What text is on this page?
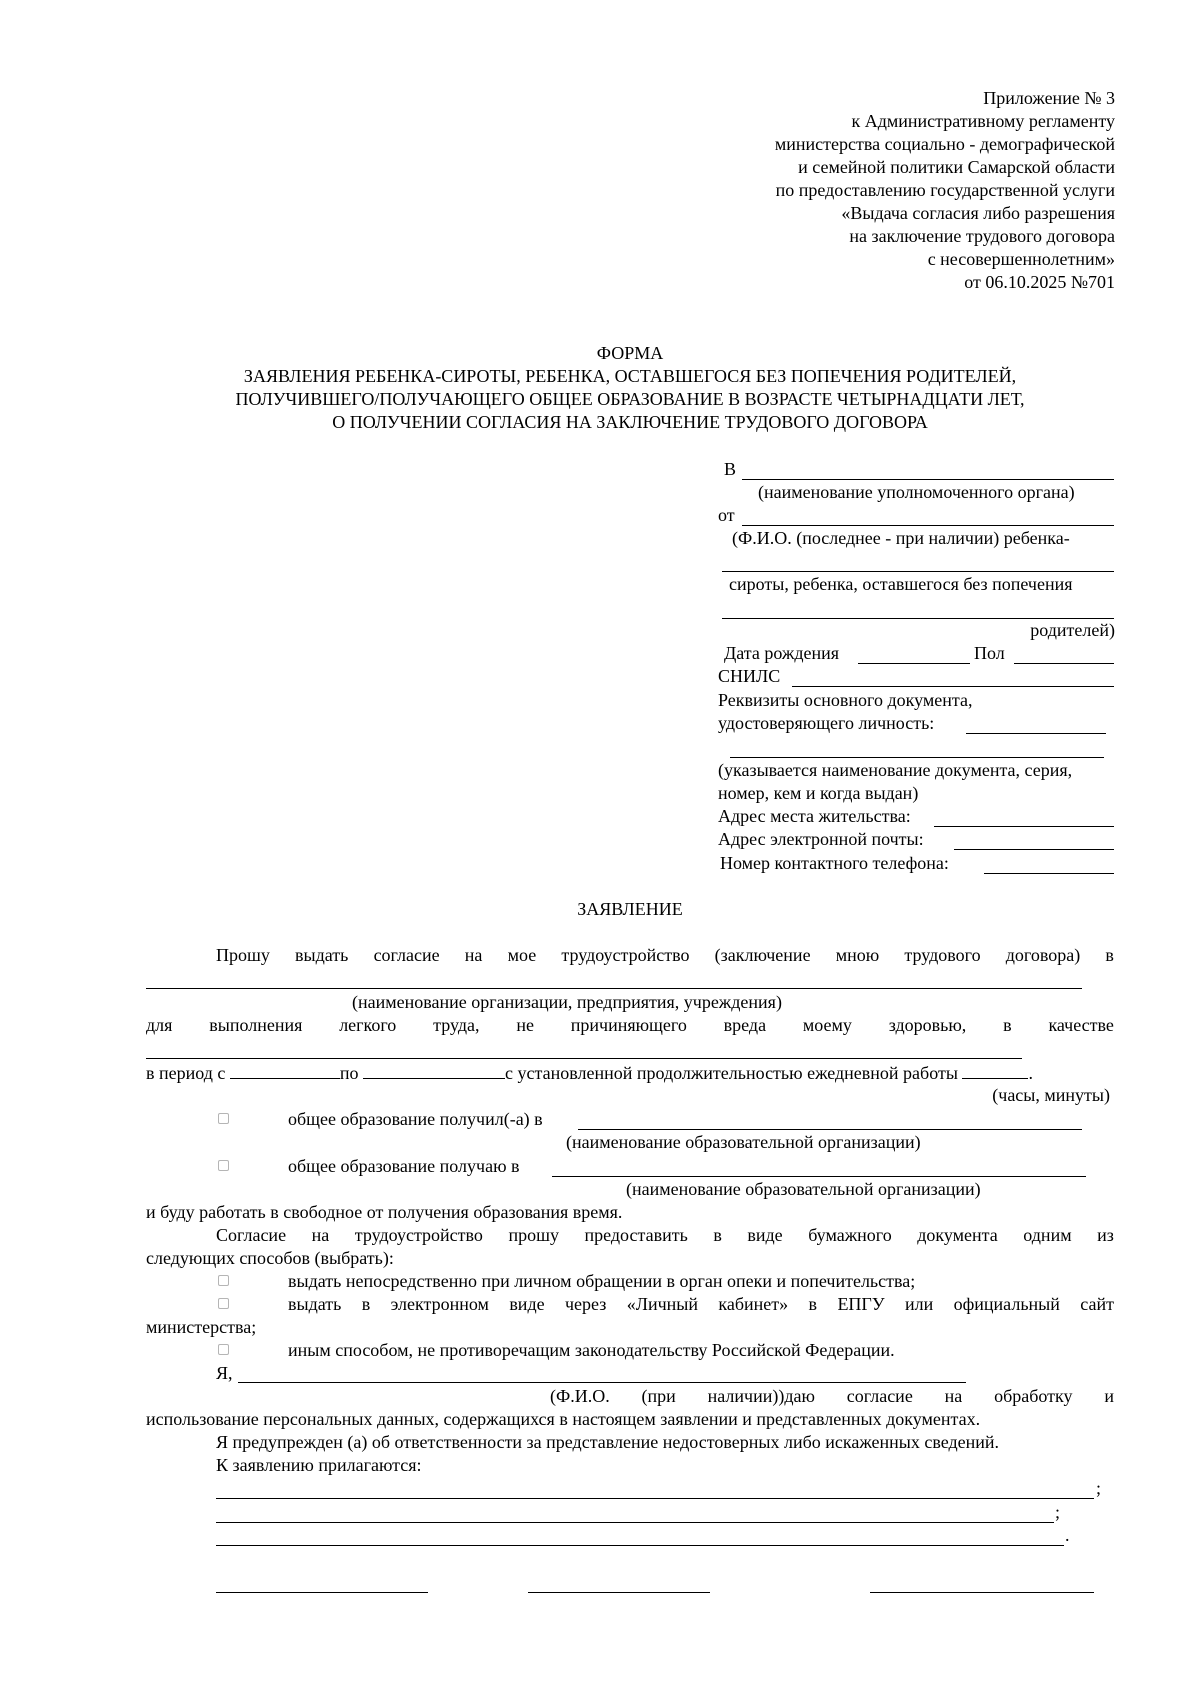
Приложение № 3
к Административному регламенту
министерства социально - демографической
и семейной политики Самарской области
по предоставлению государственной услуги
«Выдача согласия либо разрешения
на заключение трудового договора
с несовершеннолетним»
от 06.10.2025 №701
ФОРМА
ЗАЯВЛЕНИЯ РЕБЕНКА-СИРОТЫ, РЕБЕНКА, ОСТАВШЕГОСЯ БЕЗ ПОПЕЧЕНИЯ РОДИТЕЛЕЙ,
ПОЛУЧИВШЕГО/ПОЛУЧАЮЩЕГО ОБЩЕЕ ОБРАЗОВАНИЕ В ВОЗРАСТЕ ЧЕТЫРНАДЦАТИ ЛЕТ,
О ПОЛУЧЕНИИ СОГЛАСИЯ НА ЗАКЛЮЧЕНИЕ ТРУДОВОГО ДОГОВОРА
В
(наименование уполномоченного органа)
от
(Ф.И.О. (последнее - при наличии) ребенка-
сироты, ребенка, оставшегося без попечения
родителей)
Дата рождения	Пол
СНИЛС
Реквизиты основного документа,
удостоверяющего личность:
(указывается наименование документа, серия,
номер, кем и когда выдан)
Адрес места жительства:
Адрес электронной почты:
Номер контактного телефона:
ЗАЯВЛЕНИЕ
Прошу выдать согласие на мое трудоустройство (заключение мною трудового договора) в
(наименование организации, предприятия, учреждения)
для выполнения легкого труда, не причиняющего вреда моему здоровью, в качестве
в период с	по	с установленной продолжительностью ежедневной работы	.
(часы, минуты)
общее образование получил(-а) в
(наименование образовательной организации)
общее образование получаю в
(наименование образовательной организации)
и буду работать в свободное от получения образования время.
Согласие на трудоустройство прошу предоставить в виде бумажного документа одним из
следующих способов (выбрать):
выдать непосредственно при личном обращении в орган опеки и попечительства;
выдать в электронном виде через «Личный кабинет» в ЕПГУ или официальный сайт
министерства;
иным способом, не противоречащим законодательству Российской Федерации.
Я,
(Ф.И.О. (при наличии))даю согласие на обработку и
использование персональных данных, содержащихся в настоящем заявлении и представленных документах.
Я предупрежден (а) об ответственности за представление недостоверных либо искаженных сведений.
К заявлению прилагаются:
;
;
.
